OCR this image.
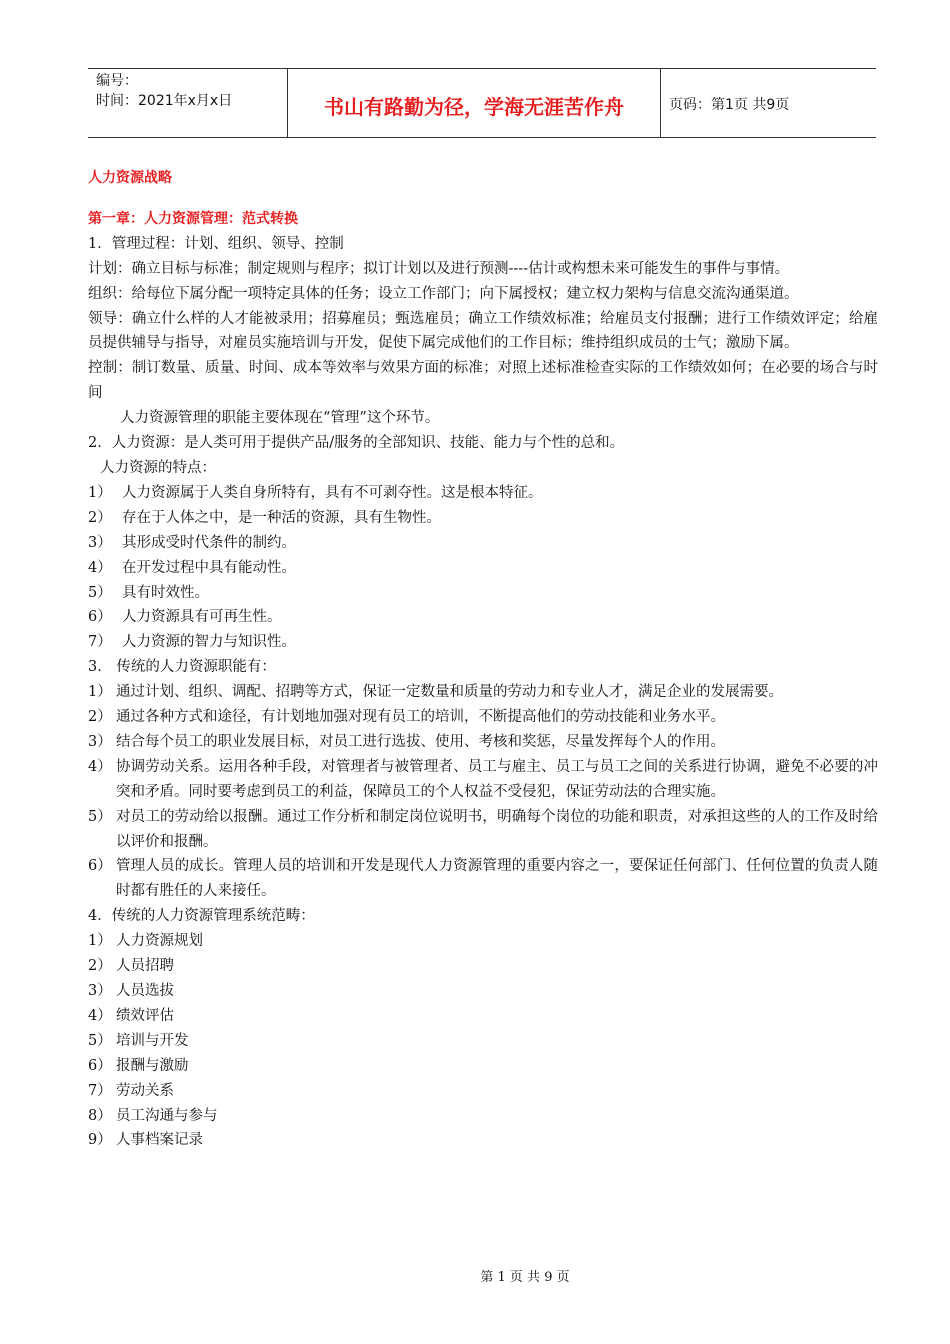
编号：
时间：2021年x月x日	书山有路勤为径，学海无涯苦作舟	页码：第1页 共9页
人力资源战略
第一章：人力资源管理：范式转换
1．管理过程：计划、组织、领导、控制
计划：确立目标与标准；制定规则与程序；拟订计划以及进行预测----估计或构想未来可能发生的事件与事情。
组织：给每位下属分配一项特定具体的任务；设立工作部门；向下属授权；建立权力架构与信息交流沟通渠道。
领导：确立什么样的人才能被录用；招募雇员；甄选雇员；确立工作绩效标准；给雇员支付报酬；进行工作绩效评定；给雇员提供辅导与指导，对雇员实施培训与开发，促使下属完成他们的工作目标；维持组织成员的士气；激励下属。
控制：制订数量、质量、时间、成本等效率与效果方面的标准；对照上述标准检查实际的工作绩效如何；在必要的场合与时间
人力资源管理的职能主要体现在“管理”这个环节。
2．人力资源：是人类可用于提供产品/服务的全部知识、技能、能力与个性的总和。
人力资源的特点：
1） 人力资源属于人类自身所特有，具有不可剥夺性。这是根本特征。
2） 存在于人体之中，是一种活的资源，具有生物性。
3） 其形成受时代条件的制约。
4） 在开发过程中具有能动性。
5） 具有时效性。
6） 人力资源具有可再生性。
7） 人力资源的智力与知识性。
3． 传统的人力资源职能有：
1） 通过计划、组织、调配、招聘等方式，保证一定数量和质量的劳动力和专业人才，满足企业的发展需要。
2） 通过各种方式和途径，有计划地加强对现有员工的培训，不断提高他们的劳动技能和业务水平。
3） 结合每个员工的职业发展目标，对员工进行选拔、使用、考核和奖惩，尽量发挥每个人的作用。
4） 协调劳动关系。运用各种手段，对管理者与被管理者、员工与雇主、员工与员工之间的关系进行协调，避免不必要的冲突和矛盾。同时要考虑到员工的利益，保障员工的个人权益不受侵犯，保证劳动法的合理实施。
5） 对员工的劳动给以报酬。通过工作分析和制定岗位说明书，明确每个岗位的功能和职责，对承担这些的人的工作及时给以评价和报酬。
6） 管理人员的成长。管理人员的培训和开发是现代人力资源管理的重要内容之一，要保证任何部门、任何位置的负责人随时都有胜任的人来接任。
4．传统的人力资源管理系统范畴：
1） 人力资源规划
2） 人员招聘
3） 人员选拔
4） 绩效评估
5） 培训与开发
6） 报酬与激励
7） 劳动关系
8） 员工沟通与参与
9） 人事档案记录
第 1 页 共 9 页
